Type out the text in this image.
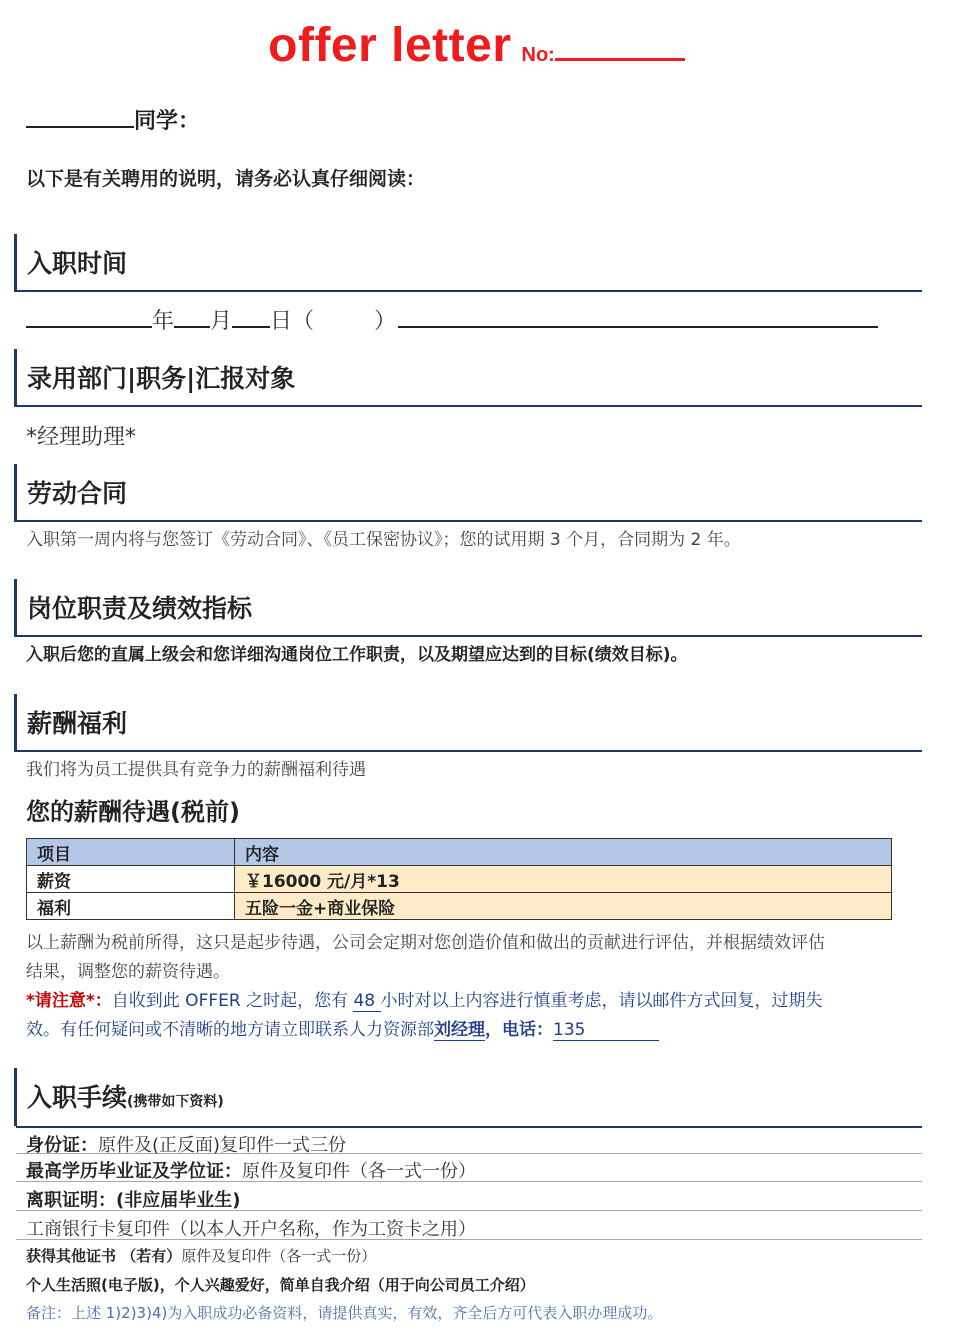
offer letter No:
同学：
以下是有关聘用的说明，请务必认真仔细阅读：
入职时间
年 月 日（	）
录用部门|职务|汇报对象
*经理助理*
劳动合同
入职第一周内将与您签订《劳动合同》、《员工保密协议》；您的试用期 3 个月，合同期为 2 年。
岗位职责及绩效指标
入职后您的直属上级会和您详细沟通岗位工作职责，以及期望应达到的目标(绩效目标)。
薪酬福利
我们将为员工提供具有竞争力的薪酬福利待遇
您的薪酬待遇(税前)
项目	内容
薪资	￥16000 元/月*13
福利	五险一金+商业保险
以上薪酬为税前所得，这只是起步待遇，公司会定期对您创造价值和做出的贡献进行评估，并根据绩效评估
结果，调整您的薪资待遇。
*请注意*：自收到此 OFFER 之时起，您有 48 小时对以上内容进行慎重考虑，请以邮件方式回复，过期失
效。有任何疑问或不清晰的地方请立即联系人力资源部刘经理，电话：135
入职手续(携带如下资料)
身份证：原件及(正反面)复印件一式三份
最高学历毕业证及学位证：原件及复印件（各一式一份）
离职证明：(非应届毕业生)
工商银行卡复印件（以本人开户名称，作为工资卡之用）
获得其他证书 （若有）原件及复印件（各一式一份）
个人生活照(电子版)，个人兴趣爱好，简单自我介绍（用于向公司员工介绍）
备注：上述 1)2)3)4)为入职成功必备资料，请提供真实，有效，齐全后方可代表入职办理成功。
